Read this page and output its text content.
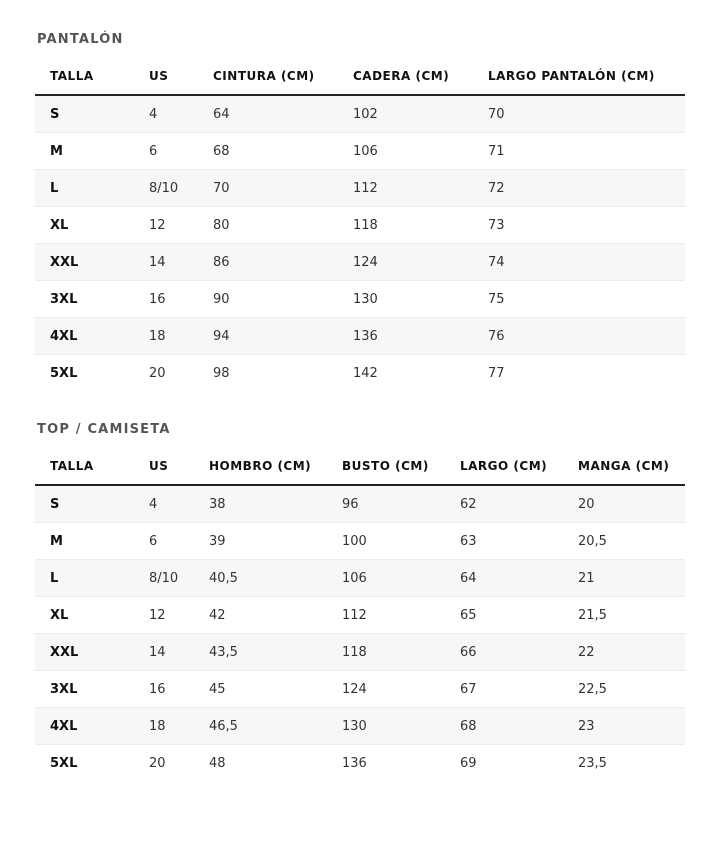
PANTALÓN
TALLA	US	CINTURA (CM)	CADERA (CM)	LARGO PANTALÓN (CM)
S	4	64	102	70
M	6	68	106	71
L	8/10	70	112	72
XL	12	80	118	73
XXL	14	86	124	74
3XL	16	90	130	75
4XL	18	94	136	76
5XL	20	98	142	77
TOP / CAMISETA
TALLA	US	HOMBRO (CM)	BUSTO (CM)	LARGO (CM)	MANGA (CM)
S	4	38	96	62	20
M	6	39	100	63	20,5
L	8/10	40,5	106	64	21
XL	12	42	112	65	21,5
XXL	14	43,5	118	66	22
3XL	16	45	124	67	22,5
4XL	18	46,5	130	68	23
5XL	20	48	136	69	23,5
